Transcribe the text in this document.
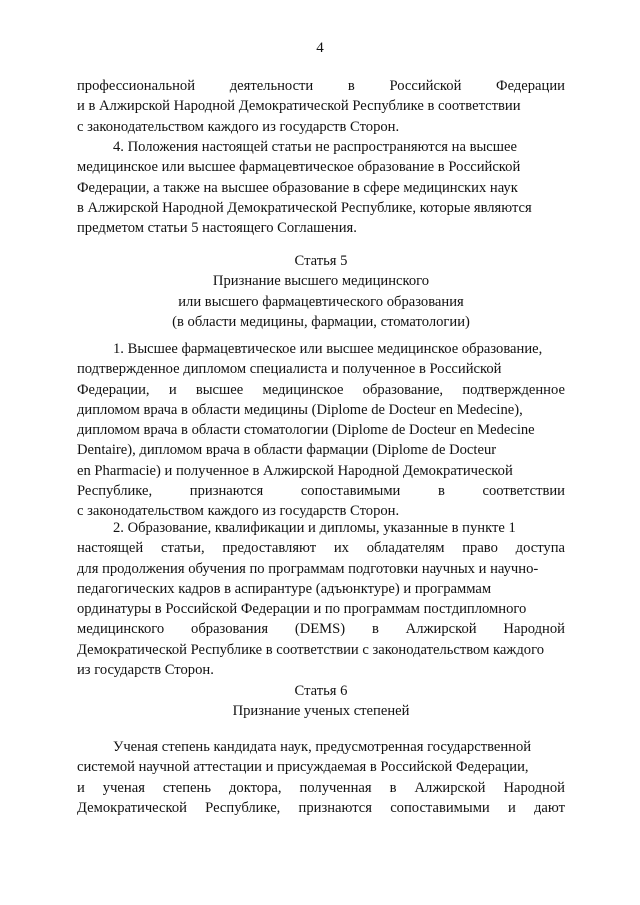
4
профессиональной деятельности в Российской Федерации
и в Алжирской Народной Демократической Республике в соответствии
с законодательством каждого из государств Сторон.
4. Положения настоящей статьи не распространяются на высшее
медицинское или высшее фармацевтическое образование в Российской
Федерации, а также на высшее образование в сфере медицинских наук
в Алжирской Народной Демократической Республике, которые являются
предметом статьи 5 настоящего Соглашения.
Статья 5
Признание высшего медицинского
или высшего фармацевтического образования
(в области медицины, фармации, стоматологии)
1. Высшее фармацевтическое или высшее медицинское образование,
подтвержденное дипломом специалиста и полученное в Российской
Федерации, и высшее медицинское образование, подтвержденное
дипломом врача в области медицины (Diplome de Docteur en Medecine),
дипломом врача в области стоматологии (Diplome de Docteur en Medecine
Dentaire), дипломом врача в области фармации (Diplome de Docteur
en Pharmacie) и полученное в Алжирской Народной Демократической
Республике,	признаются	сопоставимыми	в	соответствии
с законодательством каждого из государств Сторон.
2. Образование, квалификации и дипломы, указанные в пункте 1
настоящей статьи, предоставляют их обладателям право доступа
для продолжения обучения по программам подготовки научных и научно-
педагогических кадров в аспирантуре (адъюнктуре) и программам
ординатуры в Российской Федерации и по программам постдипломного
медицинского образования (DEMS) в Алжирской Народной
Демократической Республике в соответствии с законодательством каждого
из государств Сторон.
Статья 6
Признание ученых степеней
Ученая степень кандидата наук, предусмотренная государственной
системой научной аттестации и присуждаемая в Российской Федерации,
и ученая степень доктора, полученная в Алжирской Народной
Демократической Республике, признаются сопоставимыми и дают
